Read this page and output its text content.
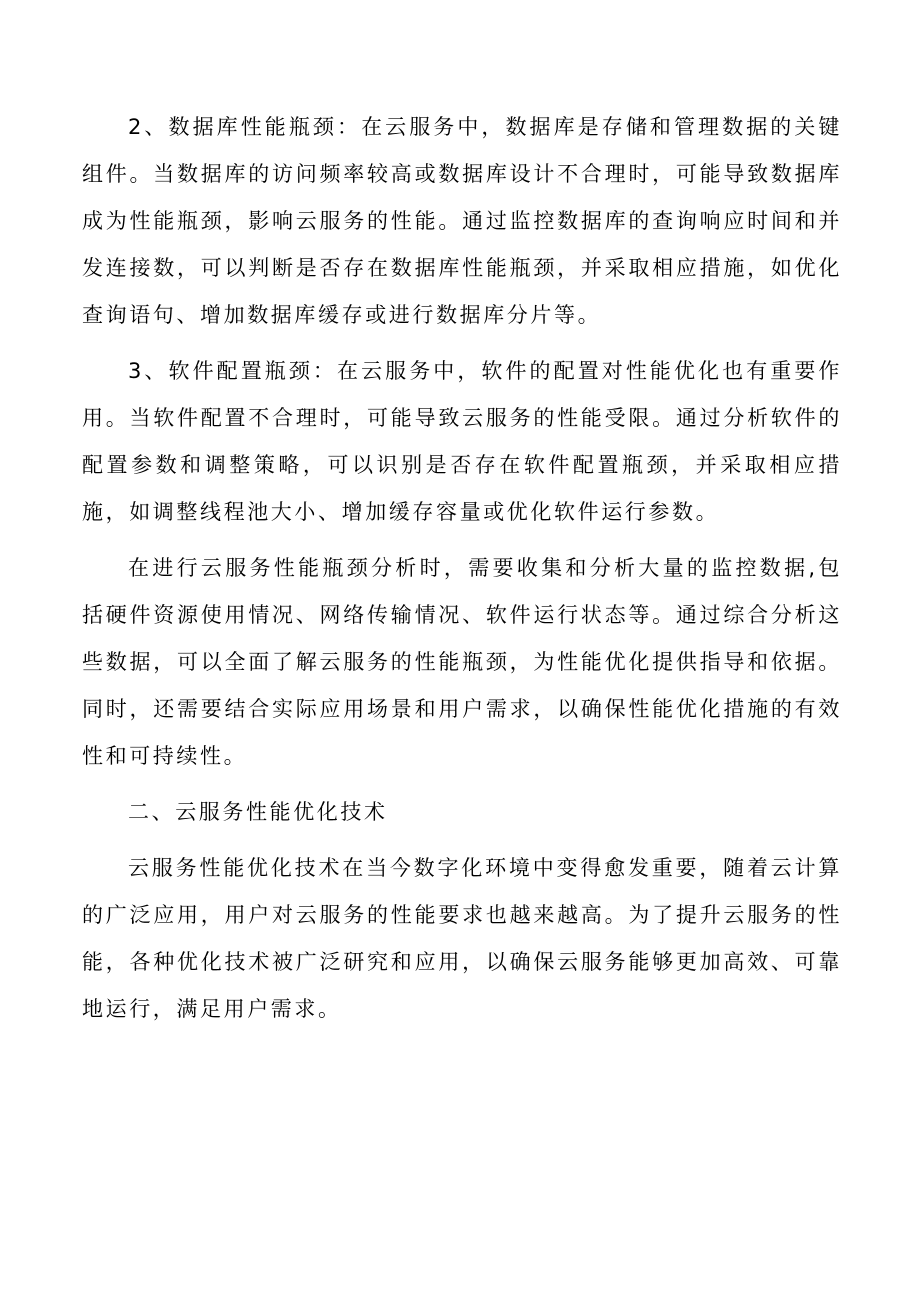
2、数据库性能瓶颈：在云服务中，数据库是存储和管理数据的关键组件。当数据库的访问频率较高或数据库设计不合理时，可能导致数据库成为性能瓶颈，影响云服务的性能。通过监控数据库的查询响应时间和并发连接数，可以判断是否存在数据库性能瓶颈，并采取相应措施，如优化查询语句、增加数据库缓存或进行数据库分片等。

3、软件配置瓶颈：在云服务中，软件的配置对性能优化也有重要作用。当软件配置不合理时，可能导致云服务的性能受限。通过分析软件的配置参数和调整策略，可以识别是否存在软件配置瓶颈，并采取相应措施，如调整线程池大小、增加缓存容量或优化软件运行参数。

在进行云服务性能瓶颈分析时，需要收集和分析大量的监控数据,包括硬件资源使用情况、网络传输情况、软件运行状态等。通过综合分析这些数据，可以全面了解云服务的性能瓶颈，为性能优化提供指导和依据。同时，还需要结合实际应用场景和用户需求，以确保性能优化措施的有效性和可持续性。

二、云服务性能优化技术

云服务性能优化技术在当今数字化环境中变得愈发重要，随着云计算的广泛应用，用户对云服务的性能要求也越来越高。为了提升云服务的性能，各种优化技术被广泛研究和应用，以确保云服务能够更加高效、可靠地运行，满足用户需求。
